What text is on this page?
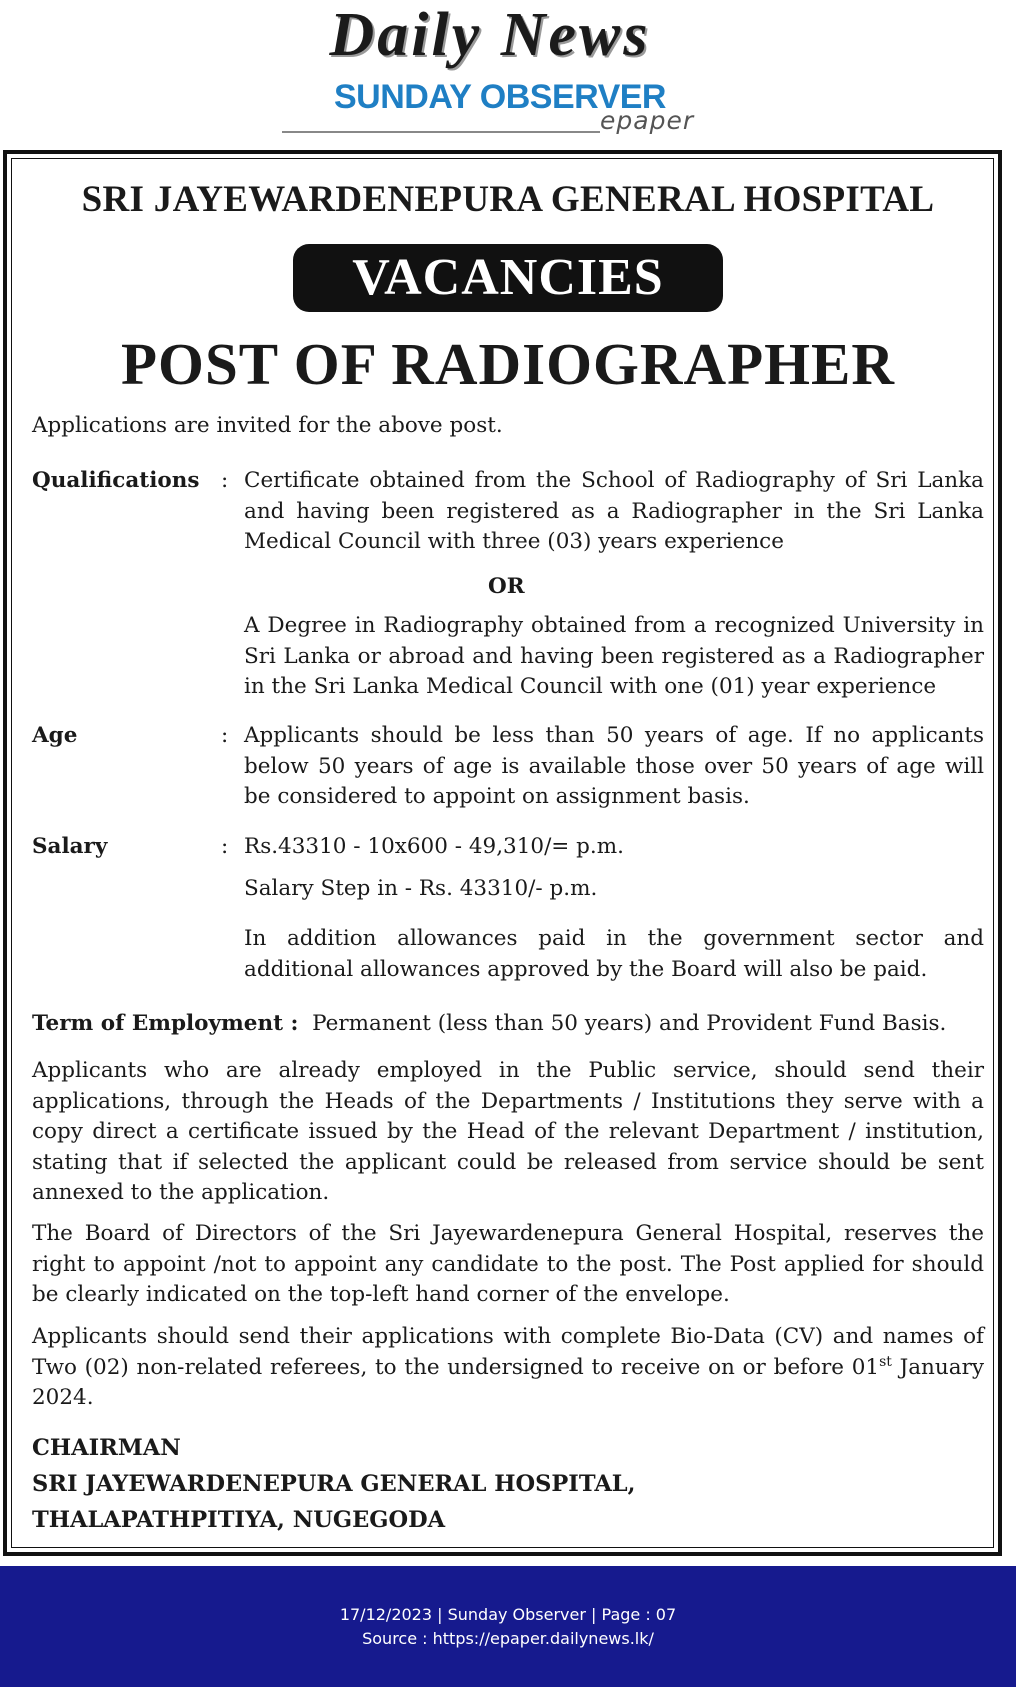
Daily News
SUNDAY OBSERVER
epaper
SRI JAYEWARDENEPURA GENERAL HOSPITAL
VACANCIES
POST OF RADIOGRAPHER
Applications are invited for the above post.
Qualifications : Certificate obtained from the School of Radiography of Sri Lanka and having been registered as a Radiographer in the Sri Lanka Medical Council with three (03) years experience
OR
A Degree in Radiography obtained from a recognized University in Sri Lanka or abroad and having been registered as a Radiographer in the Sri Lanka Medical Council with one (01) year experience
Age	: Applicants should be less than 50 years of age. If no applicants below 50 years of age is available those over 50 years of age will be considered to appoint on assignment basis.
Salary	: Rs.43310 - 10x600 - 49,310/= p.m.
Salary Step in - Rs. 43310/- p.m.
In addition allowances paid in the government sector and additional allowances approved by the Board will also be paid.
Term of Employment : Permanent (less than 50 years) and Provident Fund Basis.
Applicants who are already employed in the Public service, should send their applications, through the Heads of the Departments / Institutions they serve with a copy direct a certificate issued by the Head of the relevant Department / institution, stating that if selected the applicant could be released from service should be sent annexed to the application.
The Board of Directors of the Sri Jayewardenepura General Hospital, reserves the right to appoint /not to appoint any candidate to the post. The Post applied for should be clearly indicated on the top-left hand corner of the envelope.
Applicants should send their applications with complete Bio-Data (CV) and names of Two (02) non-related referees, to the undersigned to receive on or before 01st January 2024.
CHAIRMAN
SRI JAYEWARDENEPURA GENERAL HOSPITAL,
THALAPATHPITIYA, NUGEGODA
17/12/2023 | Sunday Observer | Page : 07
Source : https://epaper.dailynews.lk/
